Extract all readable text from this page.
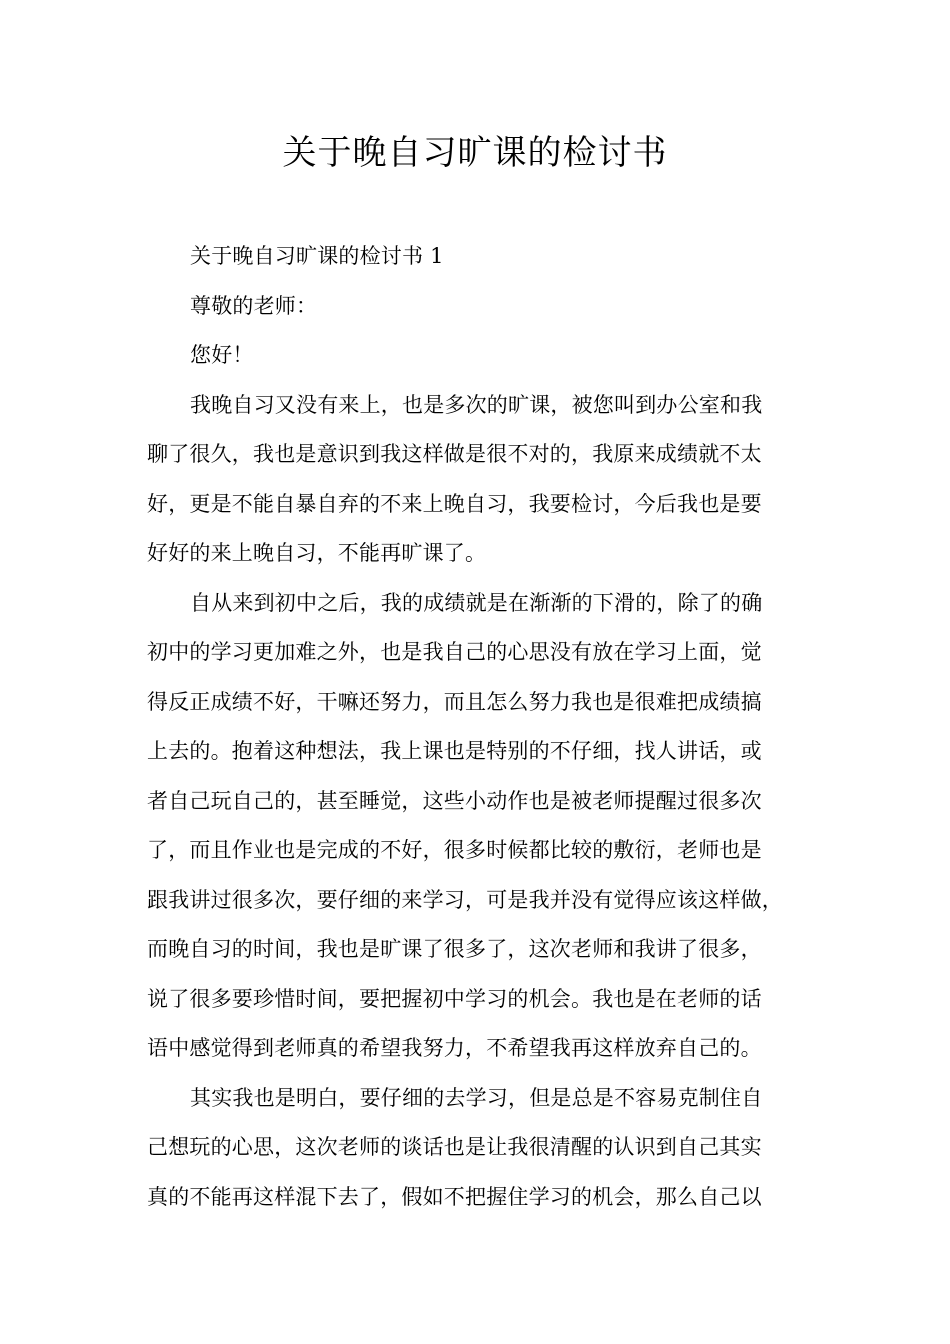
关于晚自习旷课的检讨书
关于晚自习旷课的检讨书 1
尊敬的老师：
您好！
我晚自习又没有来上，也是多次的旷课，被您叫到办公室和我
聊了很久，我也是意识到我这样做是很不对的，我原来成绩就不太
好，更是不能自暴自弃的不来上晚自习，我要检讨，今后我也是要
好好的来上晚自习，不能再旷课了。
自从来到初中之后，我的成绩就是在渐渐的下滑的，除了的确
初中的学习更加难之外，也是我自己的心思没有放在学习上面，觉
得反正成绩不好，干嘛还努力，而且怎么努力我也是很难把成绩搞
上去的。抱着这种想法，我上课也是特别的不仔细，找人讲话，或
者自己玩自己的，甚至睡觉，这些小动作也是被老师提醒过很多次
了，而且作业也是完成的不好，很多时候都比较的敷衍，老师也是
跟我讲过很多次，要仔细的来学习，可是我并没有觉得应该这样做，
而晚自习的时间，我也是旷课了很多了，这次老师和我讲了很多，
说了很多要珍惜时间，要把握初中学习的机会。我也是在老师的话
语中感觉得到老师真的希望我努力，不希望我再这样放弃自己的。
其实我也是明白，要仔细的去学习，但是总是不容易克制住自
己想玩的心思，这次老师的谈话也是让我很清醒的认识到自己其实
真的不能再这样混下去了，假如不把握住学习的机会，那么自己以
